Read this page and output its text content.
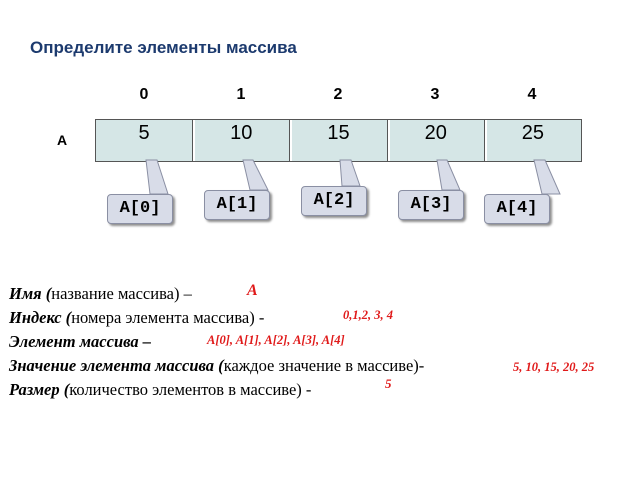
Определите элементы массива
0	1	2	3	4
A	5	10	15	20	25
A[0]	A[1]	A[2]	A[3]	A[4]
Имя (название массива) –	A
Индекс (номера элемента массива) -	0,1,2, 3, 4
Элемент массива –	A[0], A[1], A[2], A[3], A[4]
Значение элемента массива (каждое значение в массиве)-	5, 10, 15, 20, 25
Размер (количество элементов в массиве) -	5
